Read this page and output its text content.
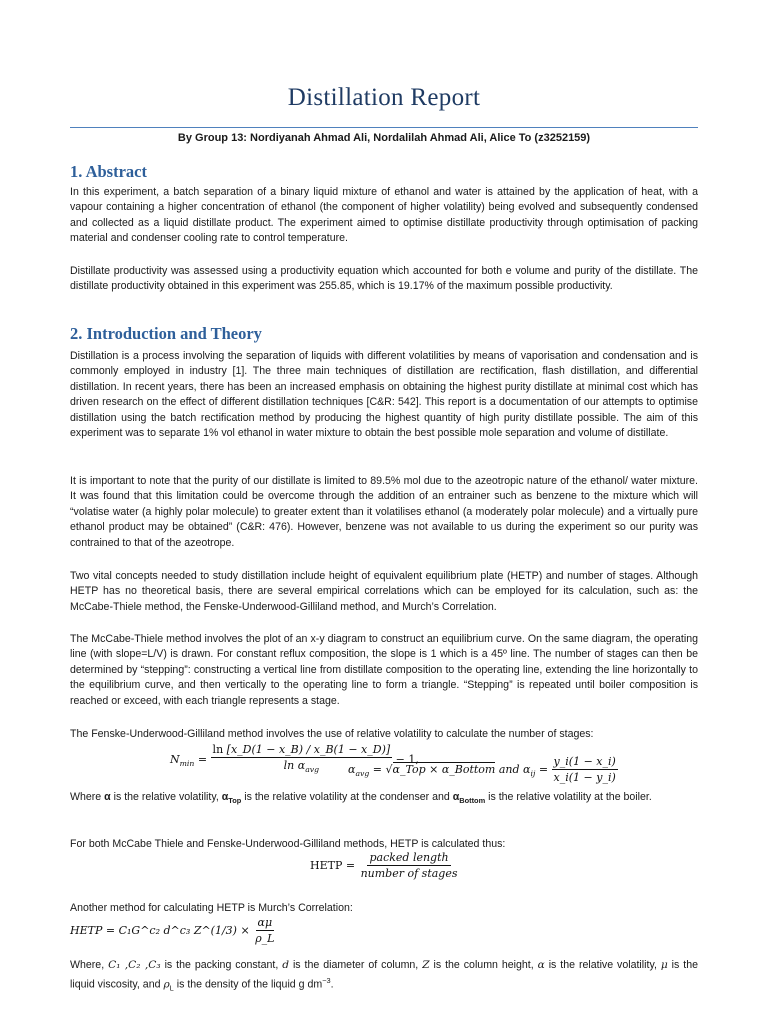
Distillation Report
By Group 13: Nordiyanah Ahmad Ali, Nordalilah Ahmad Ali, Alice To (z3252159)
1. Abstract

In this experiment, a batch separation of a binary liquid mixture of ethanol and water is attained by the application of heat, with a vapour containing a higher concentration of ethanol (the component of higher volatility) being evolved and subsequently condensed and collected as a liquid distillate product. The experiment aimed to optimise distillate productivity through optimisation of packing material and condenser cooling rate to control temperature.

Distillate productivity was assessed using a productivity equation which accounted for both e volume and purity of the distillate. The distillate productivity obtained in this experiment was 255.85, which is 19.17% of the maximum possible productivity.

2. Introduction and Theory

Distillation is a process involving the separation of liquids with different volatilities by means of vaporisation and condensation and is commonly employed in industry [1]. The three main techniques of distillation are rectification, flash distillation, and differential distillation. In recent years, there has been an increased emphasis on obtaining the highest purity distillate at minimal cost which has driven research on the effect of different distillation techniques [C&R: 542]. This report is a documentation of our attempts to optimise distillation using the batch rectification method by producing the highest quantity of high purity distillate possible. The aim of this experiment was to separate 1% vol ethanol in water mixture to obtain the best possible mole separation and volume of distillate.

It is important to note that the purity of our distillate is limited to 89.5% mol due to the azeotropic nature of the ethanol/ water mixture. It was found that this limitation could be overcome through the addition of an entrainer such as benzene to the mixture which will “volatise water (a highly polar molecule) to greater extent than it volatilises ethanol (a moderately polar molecule) and a virtually pure ethanol product may be obtained” (C&R: 476). However, benzene was not available to us during the experiment so our purity was contrained to that of the azeotrope.

Two vital concepts needed to study distillation include height of equivalent equilibrium plate (HETP) and number of stages. Although HETP has no theoretical basis, there are several empirical correlations which can be employed for its calculation, such as: the McCabe-Thiele method, the Fenske-Underwood-Gilliland method, and Murch’s Correlation.

The McCabe-Thiele method involves the plot of an x-y diagram to construct an equilibrium curve. On the same diagram, the operating line (with slope=L/V) is drawn. For constant reflux composition, the slope is 1 which is a 45º line. The number of stages can then be determined by “stepping”: constructing a vertical line from distillate composition to the operating line, extending the line horizontally to the equilibrium curve, and then vertically to the operating line to form a triangle. “Stepping” is repeated until boiler composition is reached or exceed, with each triangle represents a stage.

The Fenske-Underwood-Gilliland method involves the use of relative volatility to calculate the number of stages:

$N_{min} = \frac{\ln [x\_D(1 - x\_B) / x\_B(1 - x\_D)]}{\ln \alpha_{avg}} - 1$,
$\alpha_{avg}$ = √α_Top × α_Bottom and $\alpha_{ij} = \frac{y\_i(1 - x\_i)}{x\_i(1 - y\_i)}$

Where α is the relative volatility, $\alpha_{Top}$ is the relative volatility at the condenser and $\alpha_{Bottom}$ is the relative volatility at the boiler.

For both McCabe Thiele and Fenske-Underwood-Gilliland methods, HETP is calculated thus:

HETP = $\frac{\text{packed length}}{\text{number of stages}}$

Another method for calculating HETP is Murch’s Correlation:

HETP = C₁G^c₂ d^c₃ Z^(1/3) × $\frac{\alpha\mu}{\rho\_L}$

Where, C₁ ,C₂ ,C₃ is the packing constant, d is the diameter of column, Z is the column height, α is the relative volatility, μ is the liquid viscosity, and $\rho_L$ is the density of the liquid g $dm^{-3}$.
